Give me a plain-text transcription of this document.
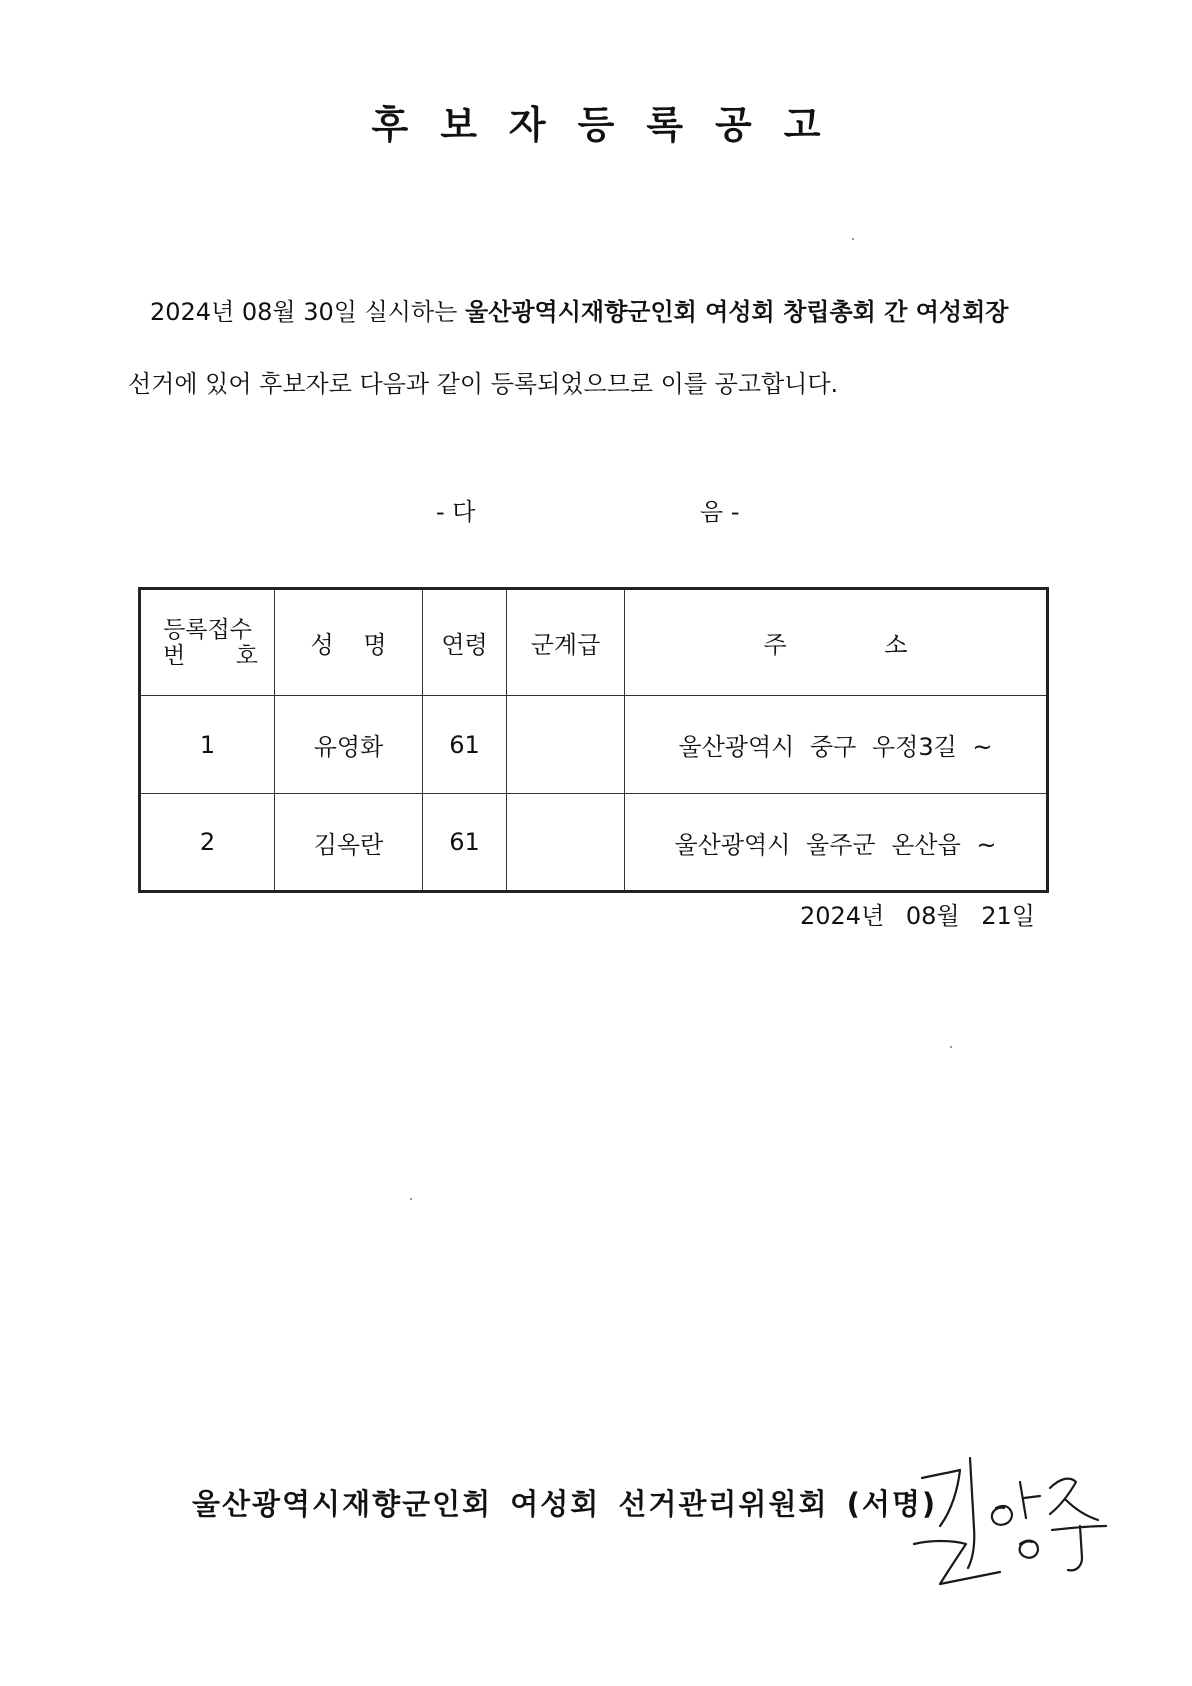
후보자등록공고
2024년 08월 30일 실시하는 울산광역시재향군인회 여성회 창립총회 간 여성회장
선거에 있어 후보자로 다음과 같이 등록되었으므로 이를 공고합니다.
- 다	음 -
등록접수
번 호	성 명	연령	군계급	주 소
1	유영화	61		울산광역시 중구 우정3길 ~
2	김옥란	61		울산광역시 울주군 온산읍 ~
2024년 08월 21일
울산광역시재향군인회 여성회 선거관리위원회 (서명)
